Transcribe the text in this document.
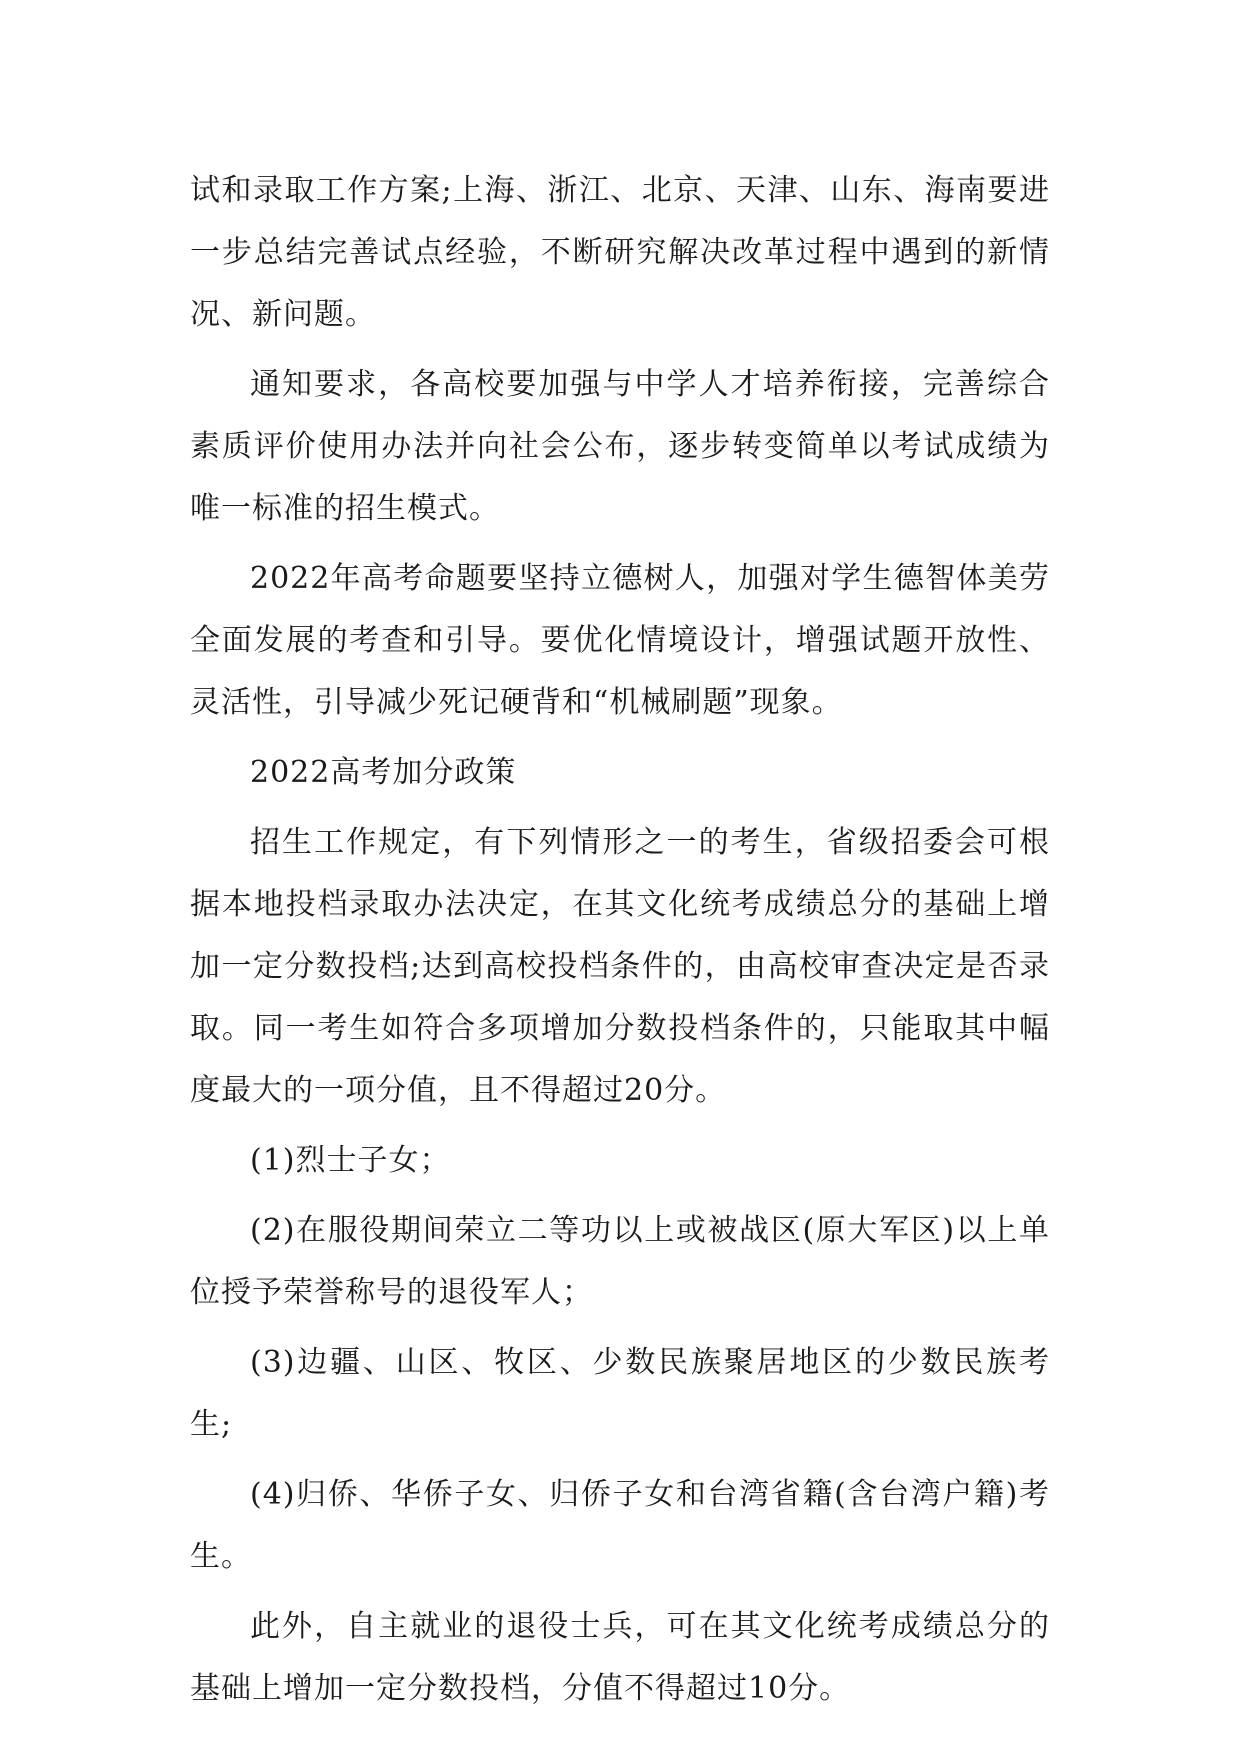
试和录取工作方案;上海、浙江、北京、天津、山东、海南要进一步总结完善试点经验，不断研究解决改革过程中遇到的新情况、新问题。

通知要求，各高校要加强与中学人才培养衔接，完善综合素质评价使用办法并向社会公布，逐步转变简单以考试成绩为唯一标准的招生模式。

2022年高考命题要坚持立德树人，加强对学生德智体美劳全面发展的考查和引导。要优化情境设计，增强试题开放性、灵活性，引导减少死记硬背和“机械刷题”现象。

2022高考加分政策

招生工作规定，有下列情形之一的考生，省级招委会可根据本地投档录取办法决定，在其文化统考成绩总分的基础上增加一定分数投档;达到高校投档条件的，由高校审查决定是否录取。同一考生如符合多项增加分数投档条件的，只能取其中幅度最大的一项分值，且不得超过20分。

(1)烈士子女；

(2)在服役期间荣立二等功以上或被战区(原大军区)以上单位授予荣誉称号的退役军人；

(3)边疆、山区、牧区、少数民族聚居地区的少数民族考生;

(4)归侨、华侨子女、归侨子女和台湾省籍(含台湾户籍)考生。

此外，自主就业的退役士兵，可在其文化统考成绩总分的基础上增加一定分数投档，分值不得超过10分。
